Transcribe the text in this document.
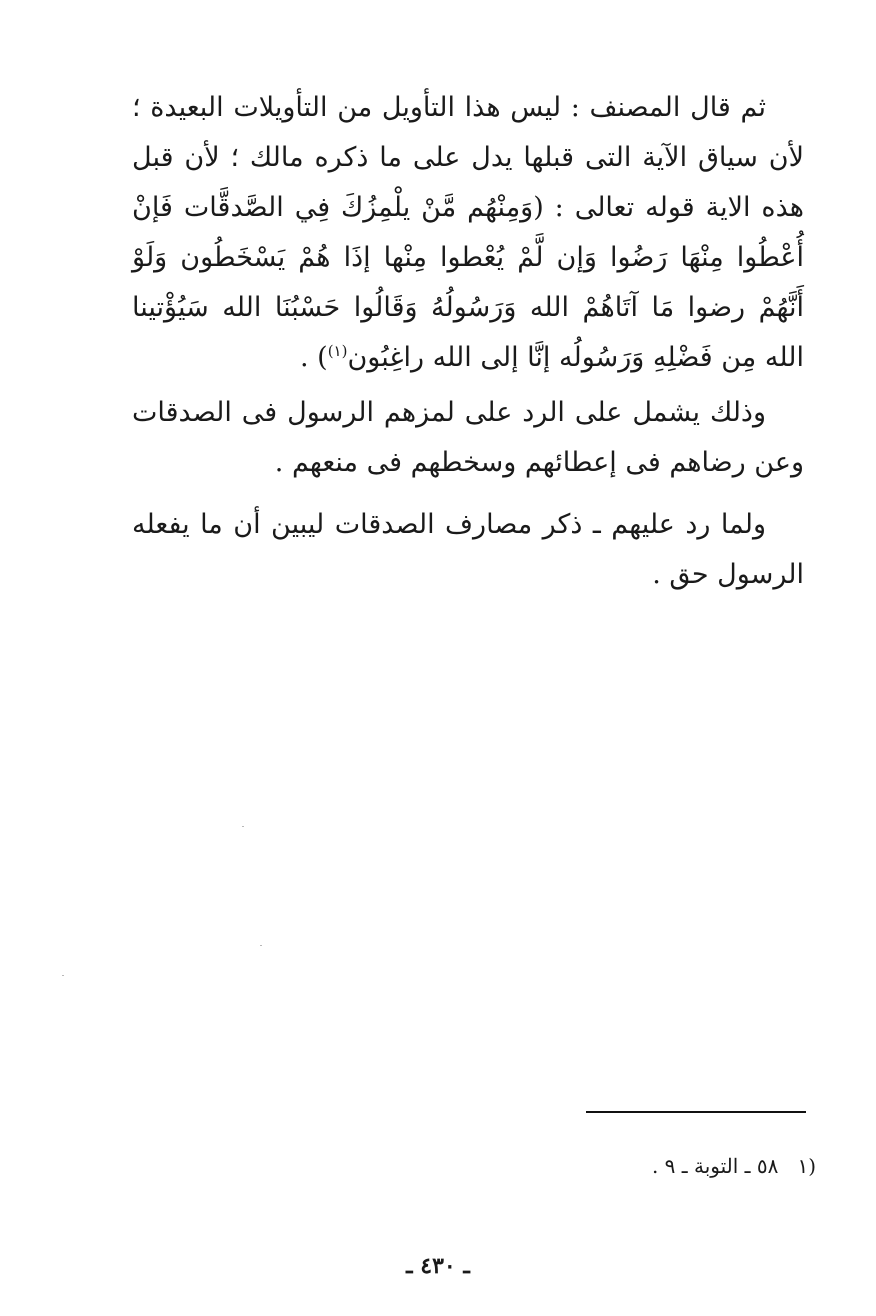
ثم قال المصنف : ليس هذا التأويل من التأويلات البعيدة ؛ لأن سياق الآية التى قبلها يدل على ما ذكره مالك ؛ لأن قبل هذه الاية قوله تعالى : (وَمِنْهُم مَّنْ يلْمِزُكَ فِي الصَّدقَّات فَإنْ أُعْطُوا مِنْهَا رَضُوا وَإن لَّمْ يُعْطوا مِنْها إذَا هُمْ يَسْخَطُون وَلَوْ أَنَّهُمْ رضوا مَا آتَاهُمْ الله وَرَسُولُهُ وَقَالُوا حَسْبُنَا الله سَيُؤْتينا الله مِن فَضْلِهِ وَرَسُولُه إنَّا إلى الله راغِبُون$^{(١)}$) .

وذلك يشمل على الرد على لمزهم الرسول فى الصدقات وعن رضاهم فى إعطائهم وسخطهم فى منعهم .

ولما رد عليهم ـ ذكر مصارف الصدقات ليبين أن ما يفعله الرسول حق .

(١   ٥٨ ـ التوبة ـ ٩ .
ـ ٤٣٠ ـ
